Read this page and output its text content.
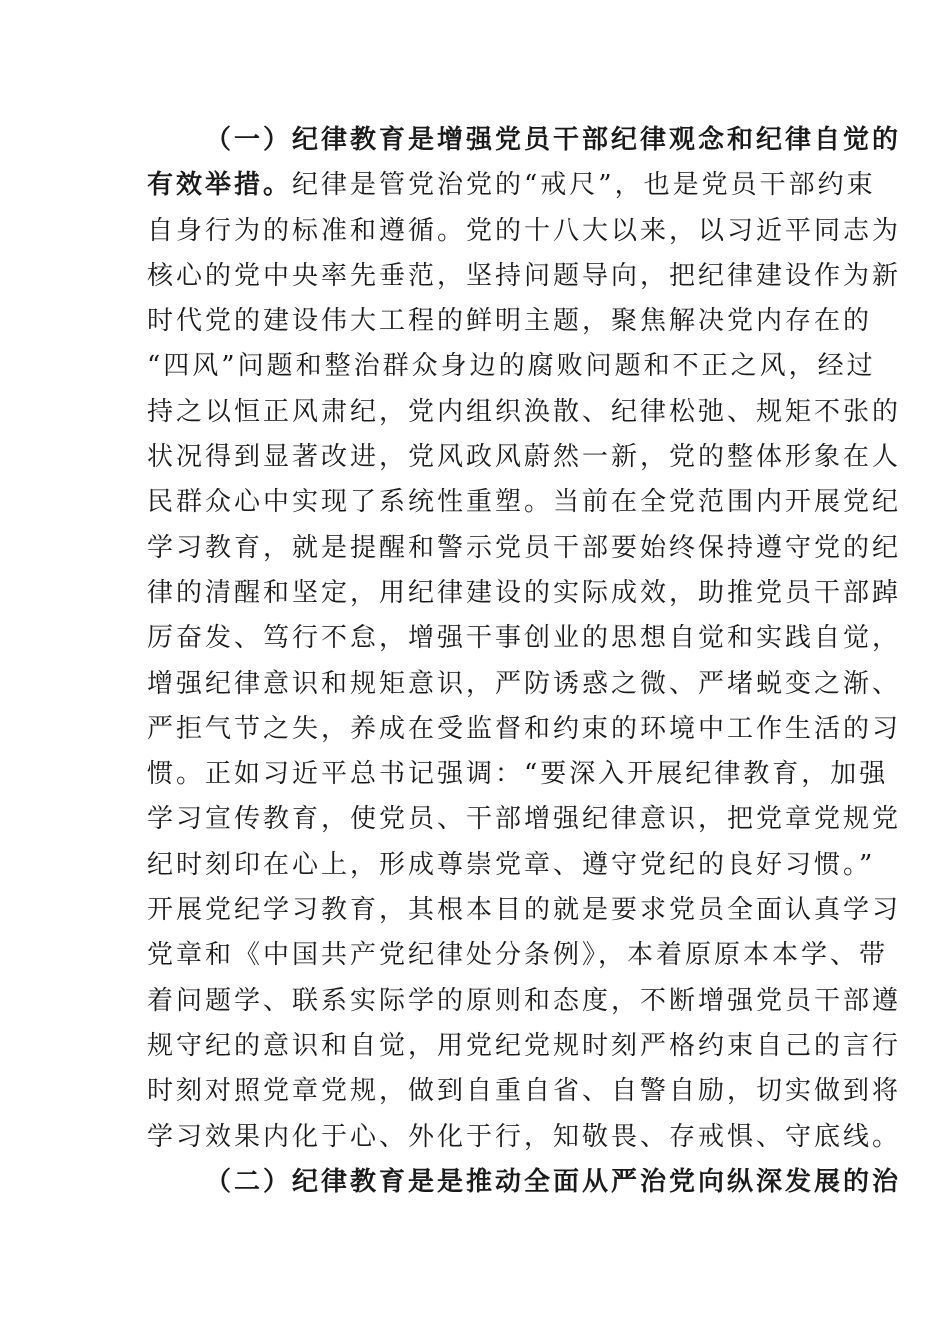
（一）纪律教育是增强党员干部纪律观念和纪律自觉的
有效举措。纪律是管党治党的“戒尺”，也是党员干部约束
自身行为的标准和遵循。党的十八大以来，以习近平同志为
核心的党中央率先垂范，坚持问题导向，把纪律建设作为新
时代党的建设伟大工程的鲜明主题，聚焦解决党内存在的
“四风”问题和整治群众身边的腐败问题和不正之风，经过
持之以恒正风肃纪，党内组织涣散、纪律松弛、规矩不张的
状况得到显著改进，党风政风蔚然一新，党的整体形象在人
民群众心中实现了系统性重塑。当前在全党范围内开展党纪
学习教育，就是提醒和警示党员干部要始终保持遵守党的纪
律的清醒和坚定，用纪律建设的实际成效，助推党员干部踔
厉奋发、笃行不怠，增强干事创业的思想自觉和实践自觉，
增强纪律意识和规矩意识，严防诱惑之微、严堵蜕变之渐、
严拒气节之失，养成在受监督和约束的环境中工作生活的习
惯。正如习近平总书记强调：“要深入开展纪律教育，加强
学习宣传教育，使党员、干部增强纪律意识，把党章党规党
纪时刻印在心上，形成尊崇党章、遵守党纪的良好习惯。”
开展党纪学习教育，其根本目的就是要求党员全面认真学习
党章和《中国共产党纪律处分条例》，本着原原本本学、带
着问题学、联系实际学的原则和态度，不断增强党员干部遵
规守纪的意识和自觉，用党纪党规时刻严格约束自己的言行
时刻对照党章党规，做到自重自省、自警自励，切实做到将
学习效果内化于心、外化于行，知敬畏、存戒惧、守底线。
（二）纪律教育是是推动全面从严治党向纵深发展的治
